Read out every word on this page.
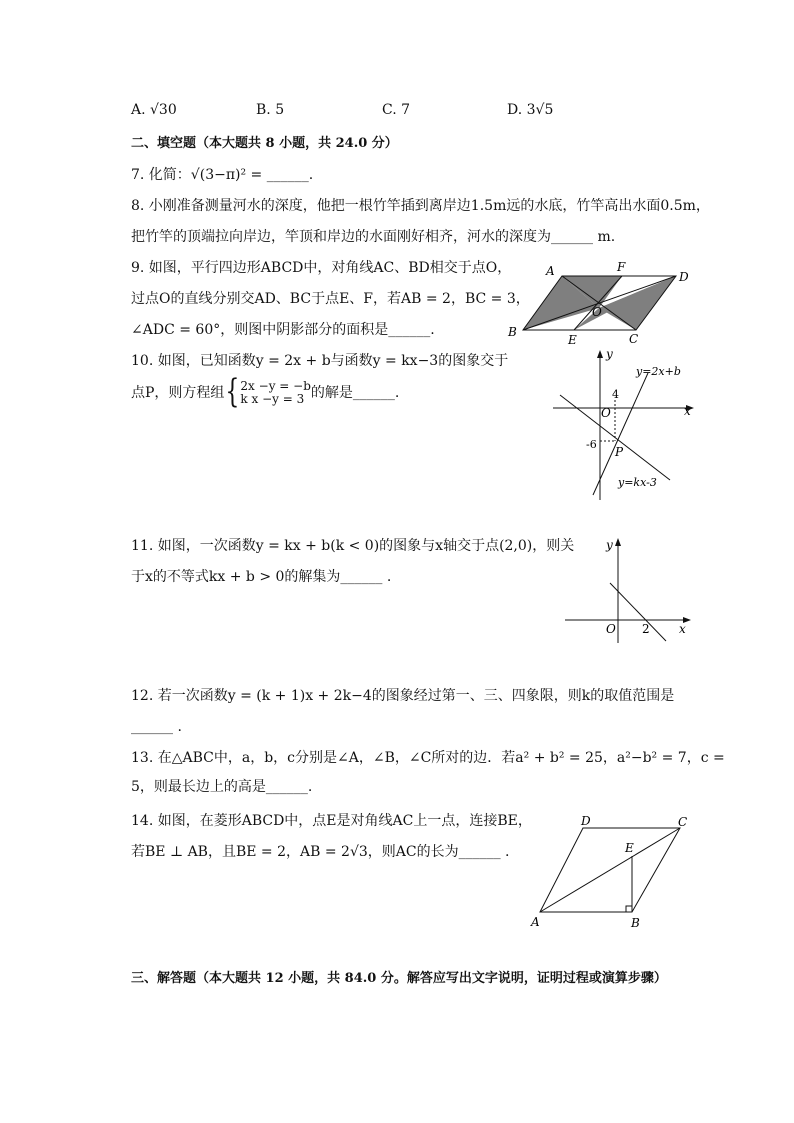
A. √30	B. 5	C. 7	D. 3√5
二、填空题（本大题共 8 小题，共 24.0 分）
7. 化简：√(3−π)² = ______.
8. 小刚准备测量河水的深度，他把一根竹竿插到离岸边1.5m远的水底，竹竿高出水面0.5m，
把竹竿的顶端拉向岸边，竿顶和岸边的水面刚好相齐，河水的深度为______ m.
9. 如图，平行四边形ABCD中，对角线AC、BD相交于点O，
过点O的直线分别交AD、BC于点E、F，若AB = 2，BC = 3，
∠ADC = 60°，则图中阴影部分的面积是______.
A	F
D
O
B
E	C
10. 如图，已知函数y = 2x + b与函数y = kx−3的图象交于
点P，则方程组{ 2x −y = −b
k x −y = 3 的解是______.
y
x
O
4
-6
P
y=2x+b
y=kx-3
11. 如图，一次函数y = kx + b(k < 0)的图象与x轴交于点(2,0)，则关
于x的不等式kx + b > 0的解集为______ .
y
x
O 2
12. 若一次函数y = (k + 1)x + 2k−4的图象经过第一、三、四象限，则k的取值范围是
______ .
13. 在△ABC中，a，b，c分别是∠A，∠B，∠C所对的边．若a² + b² = 25，a²−b² = 7，c =
5，则最长边上的高是______.
14. 如图，在菱形ABCD中，点E是对角线AC上一点，连接BE，
若BE ⊥ AB，且BE = 2，AB = 2√3，则AC的长为______ .
D	C
E
A	B
三、解答题（本大题共 12 小题，共 84.0 分。解答应写出文字说明，证明过程或演算步骤）
